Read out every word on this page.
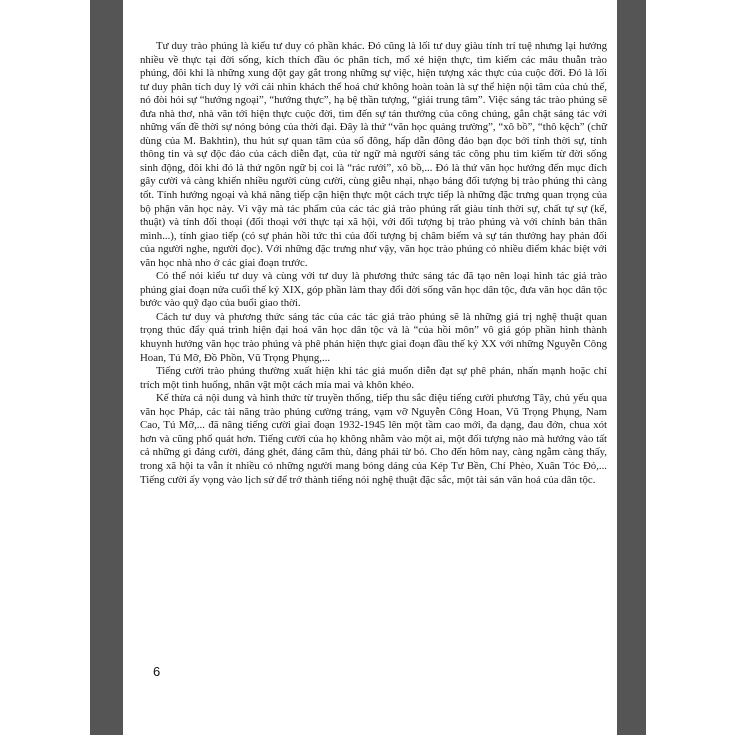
Tư duy trào phúng là kiểu tư duy có phần khác. Đó cũng là lối tư duy giàu tính trí tuệ nhưng lại hướng nhiều về thực tại đời sống, kích thích đầu óc phân tích, mổ xẻ hiện thực, tìm kiếm các mâu thuẫn trào phúng, đôi khi là những xung đột gay gắt trong những sự việc, hiện tượng xác thực của cuộc đời. Đó là lối tư duy phân tích duy lý với cái nhìn khách thể hoá chứ không hoàn toàn là sự thể hiện nội tâm của chủ thể, nó đòi hỏi sự “hướng ngoại”, “hướng thực”, hạ bệ thần tượng, “giải trung tâm”. Việc sáng tác trào phúng sẽ đưa nhà thơ, nhà văn tới hiện thực cuộc đời, tìm đến sự tán thưởng của công chúng, gắn chặt sáng tác với những vấn đề thời sự nóng bỏng của thời đại. Đây là thứ “văn học quảng trường”, “xô bồ”, “thô kệch” (chữ dùng của M. Bakhtin), thu hút sự quan tâm của số đông, hấp dẫn đông đảo bạn đọc bởi tính thời sự, tính thông tin và sự độc đáo của cách diễn đạt, của từ ngữ mà người sáng tác công phu tìm kiếm từ đời sống sinh động, đôi khi đó là thứ ngôn ngữ bị coi là “rác rưởi”, xô bồ,... Đó là thứ văn học hướng đến mục đích gây cười và càng khiến nhiều người cùng cười, cùng giễu nhại, nhạo báng đối tượng bị trào phúng thì càng tốt. Tính hướng ngoại và khả năng tiếp cận hiện thực một cách trực tiếp là những đặc trưng quan trọng của bộ phận văn học này. Vì vậy mà tác phẩm của các tác giả trào phúng rất giàu tính thời sự, chất tự sự (kể, thuật) và tính đối thoại (đối thoại với thực tại xã hội, với đối tượng bị trào phúng và với chính bản thân mình...), tính giao tiếp (có sự phản hồi tức thì của đối tượng bị châm biếm và sự tán thưởng hay phản đối của người nghe, người đọc). Với những đặc trưng như vậy, văn học trào phúng có nhiều điểm khác biệt với văn học nhà nho ở các giai đoạn trước.

Có thể nói kiểu tư duy và cùng với tư duy là phương thức sáng tác đã tạo nên loại hình tác giả trào phúng giai đoạn nửa cuối thế kỷ XIX, góp phần làm thay đổi đời sống văn học dân tộc, đưa văn học dân tộc bước vào quỹ đạo của buổi giao thời.

Cách tư duy và phương thức sáng tác của các tác giả trào phúng sẽ là những giá trị nghệ thuật quan trọng thúc đẩy quá trình hiện đại hoá văn học dân tộc và là “của hồi môn” vô giá góp phần hình thành khuynh hướng văn học trào phúng và phê phán hiện thực giai đoạn đầu thế kỷ XX với những Nguyễn Công Hoan, Tú Mỡ, Đồ Phồn, Vũ Trọng Phụng,...

Tiếng cười trào phúng thường xuất hiện khi tác giả muốn diễn đạt sự phê phán, nhấn mạnh hoặc chỉ trích một tình huống, nhân vật một cách mỉa mai và khôn khéo.

Kế thừa cả nội dung và hình thức từ truyền thống, tiếp thu sắc điệu tiếng cười phương Tây, chủ yếu qua văn học Pháp, các tài năng trào phúng cường tráng, vạm vỡ Nguyễn Công Hoan, Vũ Trọng Phụng, Nam Cao, Tú Mỡ,... đã nâng tiếng cười giai đoạn 1932-1945 lên một tầm cao mới, đa dạng, đau đớn, chua xót hơn và cũng phổ quát hơn. Tiếng cười của họ không nhằm vào một ai, một đối tượng nào mà hướng vào tất cả những gì đáng cười, đáng ghét, đáng căm thù, đáng phải từ bỏ. Cho đến hôm nay, càng ngẫm càng thấy, trong xã hội ta vẫn ít nhiều có những người mang bóng dáng của Kép Tư Bền, Chí Phèo, Xuân Tóc Đỏ,... Tiếng cười ấy vọng vào lịch sử để trở thành tiếng nói nghệ thuật đặc sắc, một tài sản văn hoá của dân tộc.

6
